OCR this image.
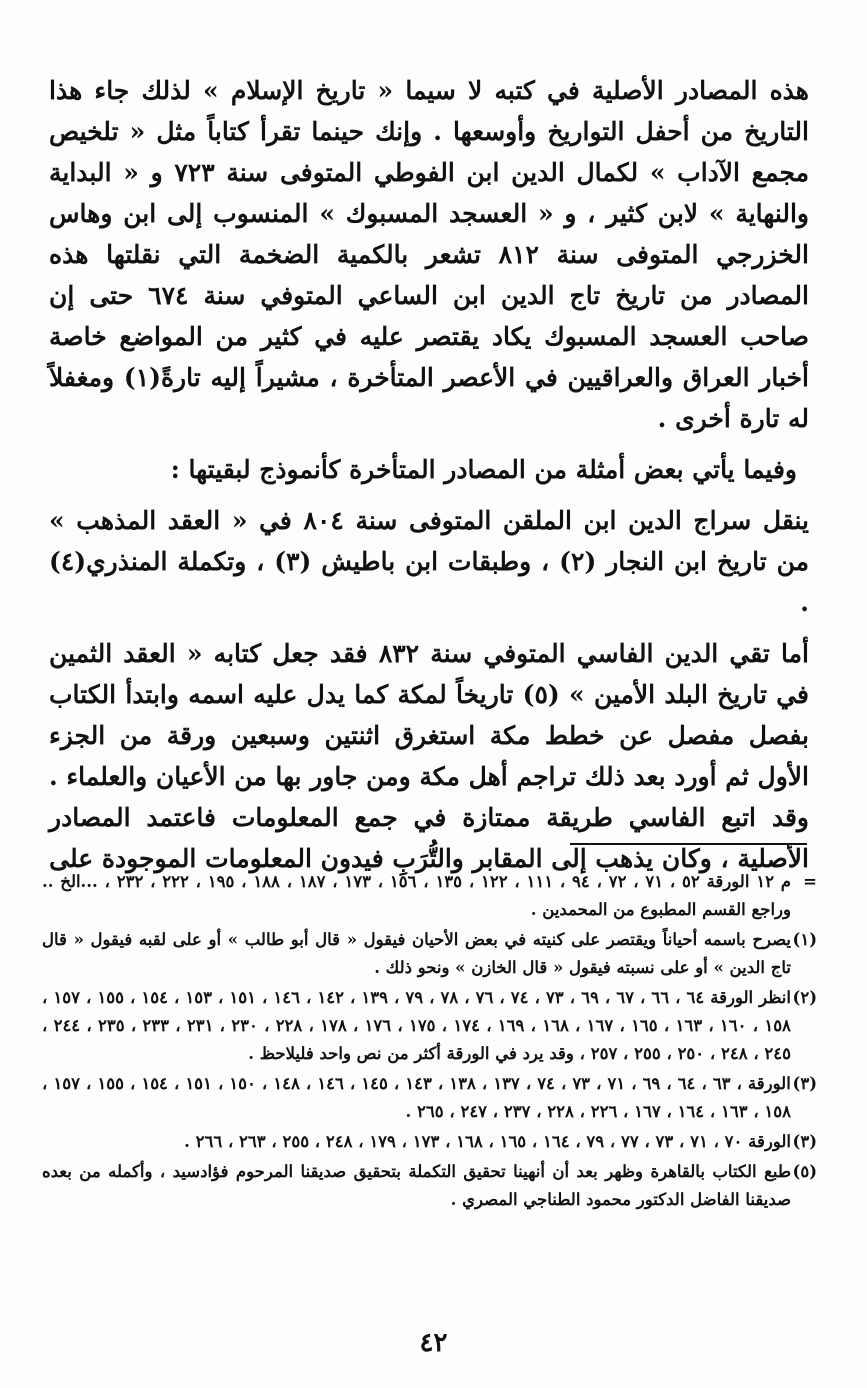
هذه المصادر الأصلية في كتبه لا سيما « تاريخ الإسلام » لذلك جاء هذا التاريخ من أحفل التواريخ وأوسعها . وإنك حينما تقرأ كتاباً مثل « تلخيص مجمع الآداب » لكمال الدين ابن الفوطي المتوفى سنة ٧٢٣ و « البداية والنهاية » لابن كثير ، و « العسجد المسبوك » المنسوب إلى ابن وهاس الخزرجي المتوفى سنة ٨١٢ تشعر بالكمية الضخمة التي نقلتها هذه المصادر من تاريخ تاج الدين ابن الساعي المتوفي سنة ٦٧٤ حتى إن صاحب العسجد المسبوك يكاد يقتصر عليه في كثير من المواضع خاصة أخبار العراق والعراقيين في الأعصر المتأخرة ، مشيراً إليه تارةً(١) ومغفلاً له تارة أخرى .

وفيما يأتي بعض أمثلة من المصادر المتأخرة كأنموذج لبقيتها :

ينقل سراج الدين ابن الملقن المتوفى سنة ٨٠٤ في « العقد المذهب » من تاريخ ابن النجار (٢) ، وطبقات ابن باطيش (٣) ، وتكملة المنذري(٤) .

أما تقي الدين الفاسي المتوفي سنة ٨٣٢ فقد جعل كتابه « العقد الثمين في تاريخ البلد الأمين » (٥) تاريخاً لمكة كما يدل عليه اسمه وابتدأ الكتاب بفصل مفصل عن خطط مكة استغرق اثنتين وسبعين ورقة من الجزء الأول ثم أورد بعد ذلك تراجم أهل مكة ومن جاور بها من الأعيان والعلماء . وقد اتبع الفاسي طريقة ممتازة في جمع المعلومات فاعتمد المصادر الأصلية ، وكان يذهب إلى المقابر والتُّرَبِ فيدون المعلومات الموجودة على

=
م ١٢ الورقة ٥٢ ، ٧١ ، ٧٢ ، ٩٤ ، ١١١ ، ١٢٢ ، ١٣٥ ، ١٥٦ ، ١٧٣ ، ١٨٧ ، ١٨٨ ، ١٩٥ ، ٢٢٢ ، ٢٣٢ ، ...الخ .. وراجع القسم المطبوع من المحمدين .
(١)
يصرح باسمه أحياناً ويقتصر على كنيته في بعض الأحيان فيقول « قال أبو طالب » أو على لقبه فيقول « قال تاج الدين » أو على نسبته فيقول « قال الخازن » ونحو ذلك .
(٢)
انظر الورقة ٦٤ ، ٦٦ ، ٦٧ ، ٦٩ ، ٧٣ ، ٧٤ ، ٧٦ ، ٧٨ ، ٧٩ ، ١٣٩ ، ١٤٢ ، ١٤٦ ، ١٥١ ، ١٥٣ ، ١٥٤ ، ١٥٥ ، ١٥٧ ، ١٥٨ ، ١٦٠ ، ١٦٣ ، ١٦٥ ، ١٦٧ ، ١٦٨ ، ١٦٩ ، ١٧٤ ، ١٧٥ ، ١٧٦ ، ١٧٨ ، ٢٢٨ ، ٢٣٠ ، ٢٣١ ، ٢٣٣ ، ٢٣٥ ، ٢٤٤ ، ٢٤٥ ، ٢٤٨ ، ٢٥٠ ، ٢٥٥ ، ٢٥٧ ، وقد يرد في الورقة أكثر من نص واحد فليلاحظ .
(٣)
الورقة ، ٦٣ ، ٦٤ ، ٦٩ ، ٧١ ، ٧٣ ، ٧٤ ، ١٣٧ ، ١٣٨ ، ١٤٣ ، ١٤٥ ، ١٤٦ ، ١٤٨ ، ١٥٠ ، ١٥١ ، ١٥٤ ، ١٥٥ ، ١٥٧ ، ١٥٨ ، ١٦٣ ، ١٦٤ ، ١٦٧ ، ٢٢٦ ، ٢٢٨ ، ٢٣٧ ، ٢٤٧ ، ٢٦٥ .
(٣)
الورقة ٧٠ ، ٧١ ، ٧٣ ، ٧٧ ، ٧٩ ، ١٦٤ ، ١٦٥ ، ١٦٨ ، ١٧٣ ، ١٧٩ ، ٢٤٨ ، ٢٥٥ ، ٢٦٣ ، ٢٦٦ .
(٥)
طبع الكتاب بالقاهرة وظهر بعد أن أنهينا تحقيق التكملة بتحقيق صديقنا المرحوم فؤادسيد ، وأكمله من بعده صديقنا الفاضل الدكتور محمود الطناجي المصري .
٤٢
